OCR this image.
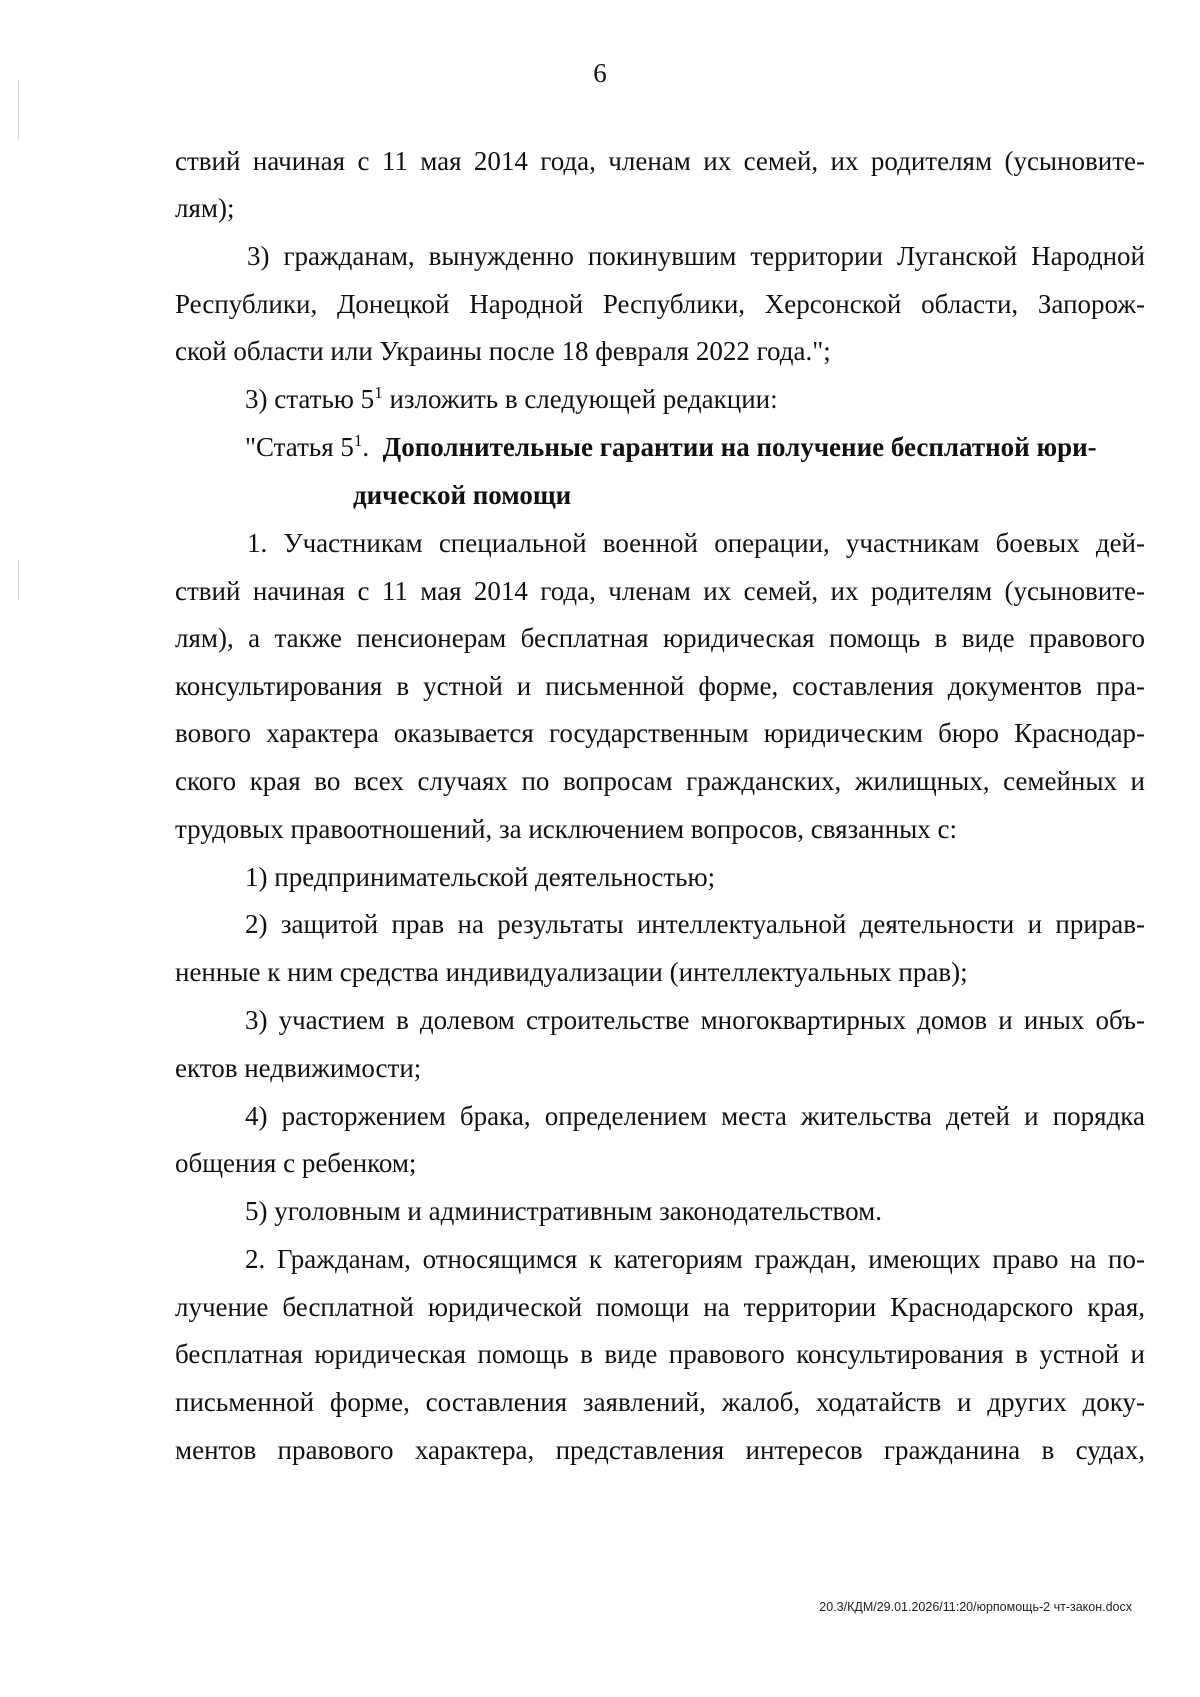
6
ствий начиная с 11 мая 2014 года, членам их семей, их родителям (усыновите-
лям);
3) гражданам, вынужденно покинувшим территории Луганской Народной
Республики, Донецкой Народной Республики, Херсонской области, Запорож-
ской области или Украины после 18 февраля 2022 года.";
3) статью $5^1$ изложить в следующей редакции:
"Статья $5^1$. Дополнительные гарантии на получение бесплатной юри-
дической помощи
1. Участникам специальной военной операции, участникам боевых дей-
ствий начиная с 11 мая 2014 года, членам их семей, их родителям (усыновите-
лям), а также пенсионерам бесплатная юридическая помощь в виде правового
консультирования в устной и письменной форме, составления документов пра-
вового характера оказывается государственным юридическим бюро Краснодар-
ского края во всех случаях по вопросам гражданских, жилищных, семейных и
трудовых правоотношений, за исключением вопросов, связанных с:
1) предпринимательской деятельностью;
2) защитой прав на результаты интеллектуальной деятельности и прирав-
ненные к ним средства индивидуализации (интеллектуальных прав);
3) участием в долевом строительстве многоквартирных домов и иных объ-
ектов недвижимости;
4) расторжением брака, определением места жительства детей и порядка
общения с ребенком;
5) уголовным и административным законодательством.
2. Гражданам, относящимся к категориям граждан, имеющих право на по-
лучение бесплатной юридической помощи на территории Краснодарского края,
бесплатная юридическая помощь в виде правового консультирования в устной и
письменной форме, составления заявлений, жалоб, ходатайств и других доку-
ментов правового характера, представления интересов гражданина в судах,
20.3/КДМ/29.01.2026/11:20/юрпомощь-2 чт-закон.docx
